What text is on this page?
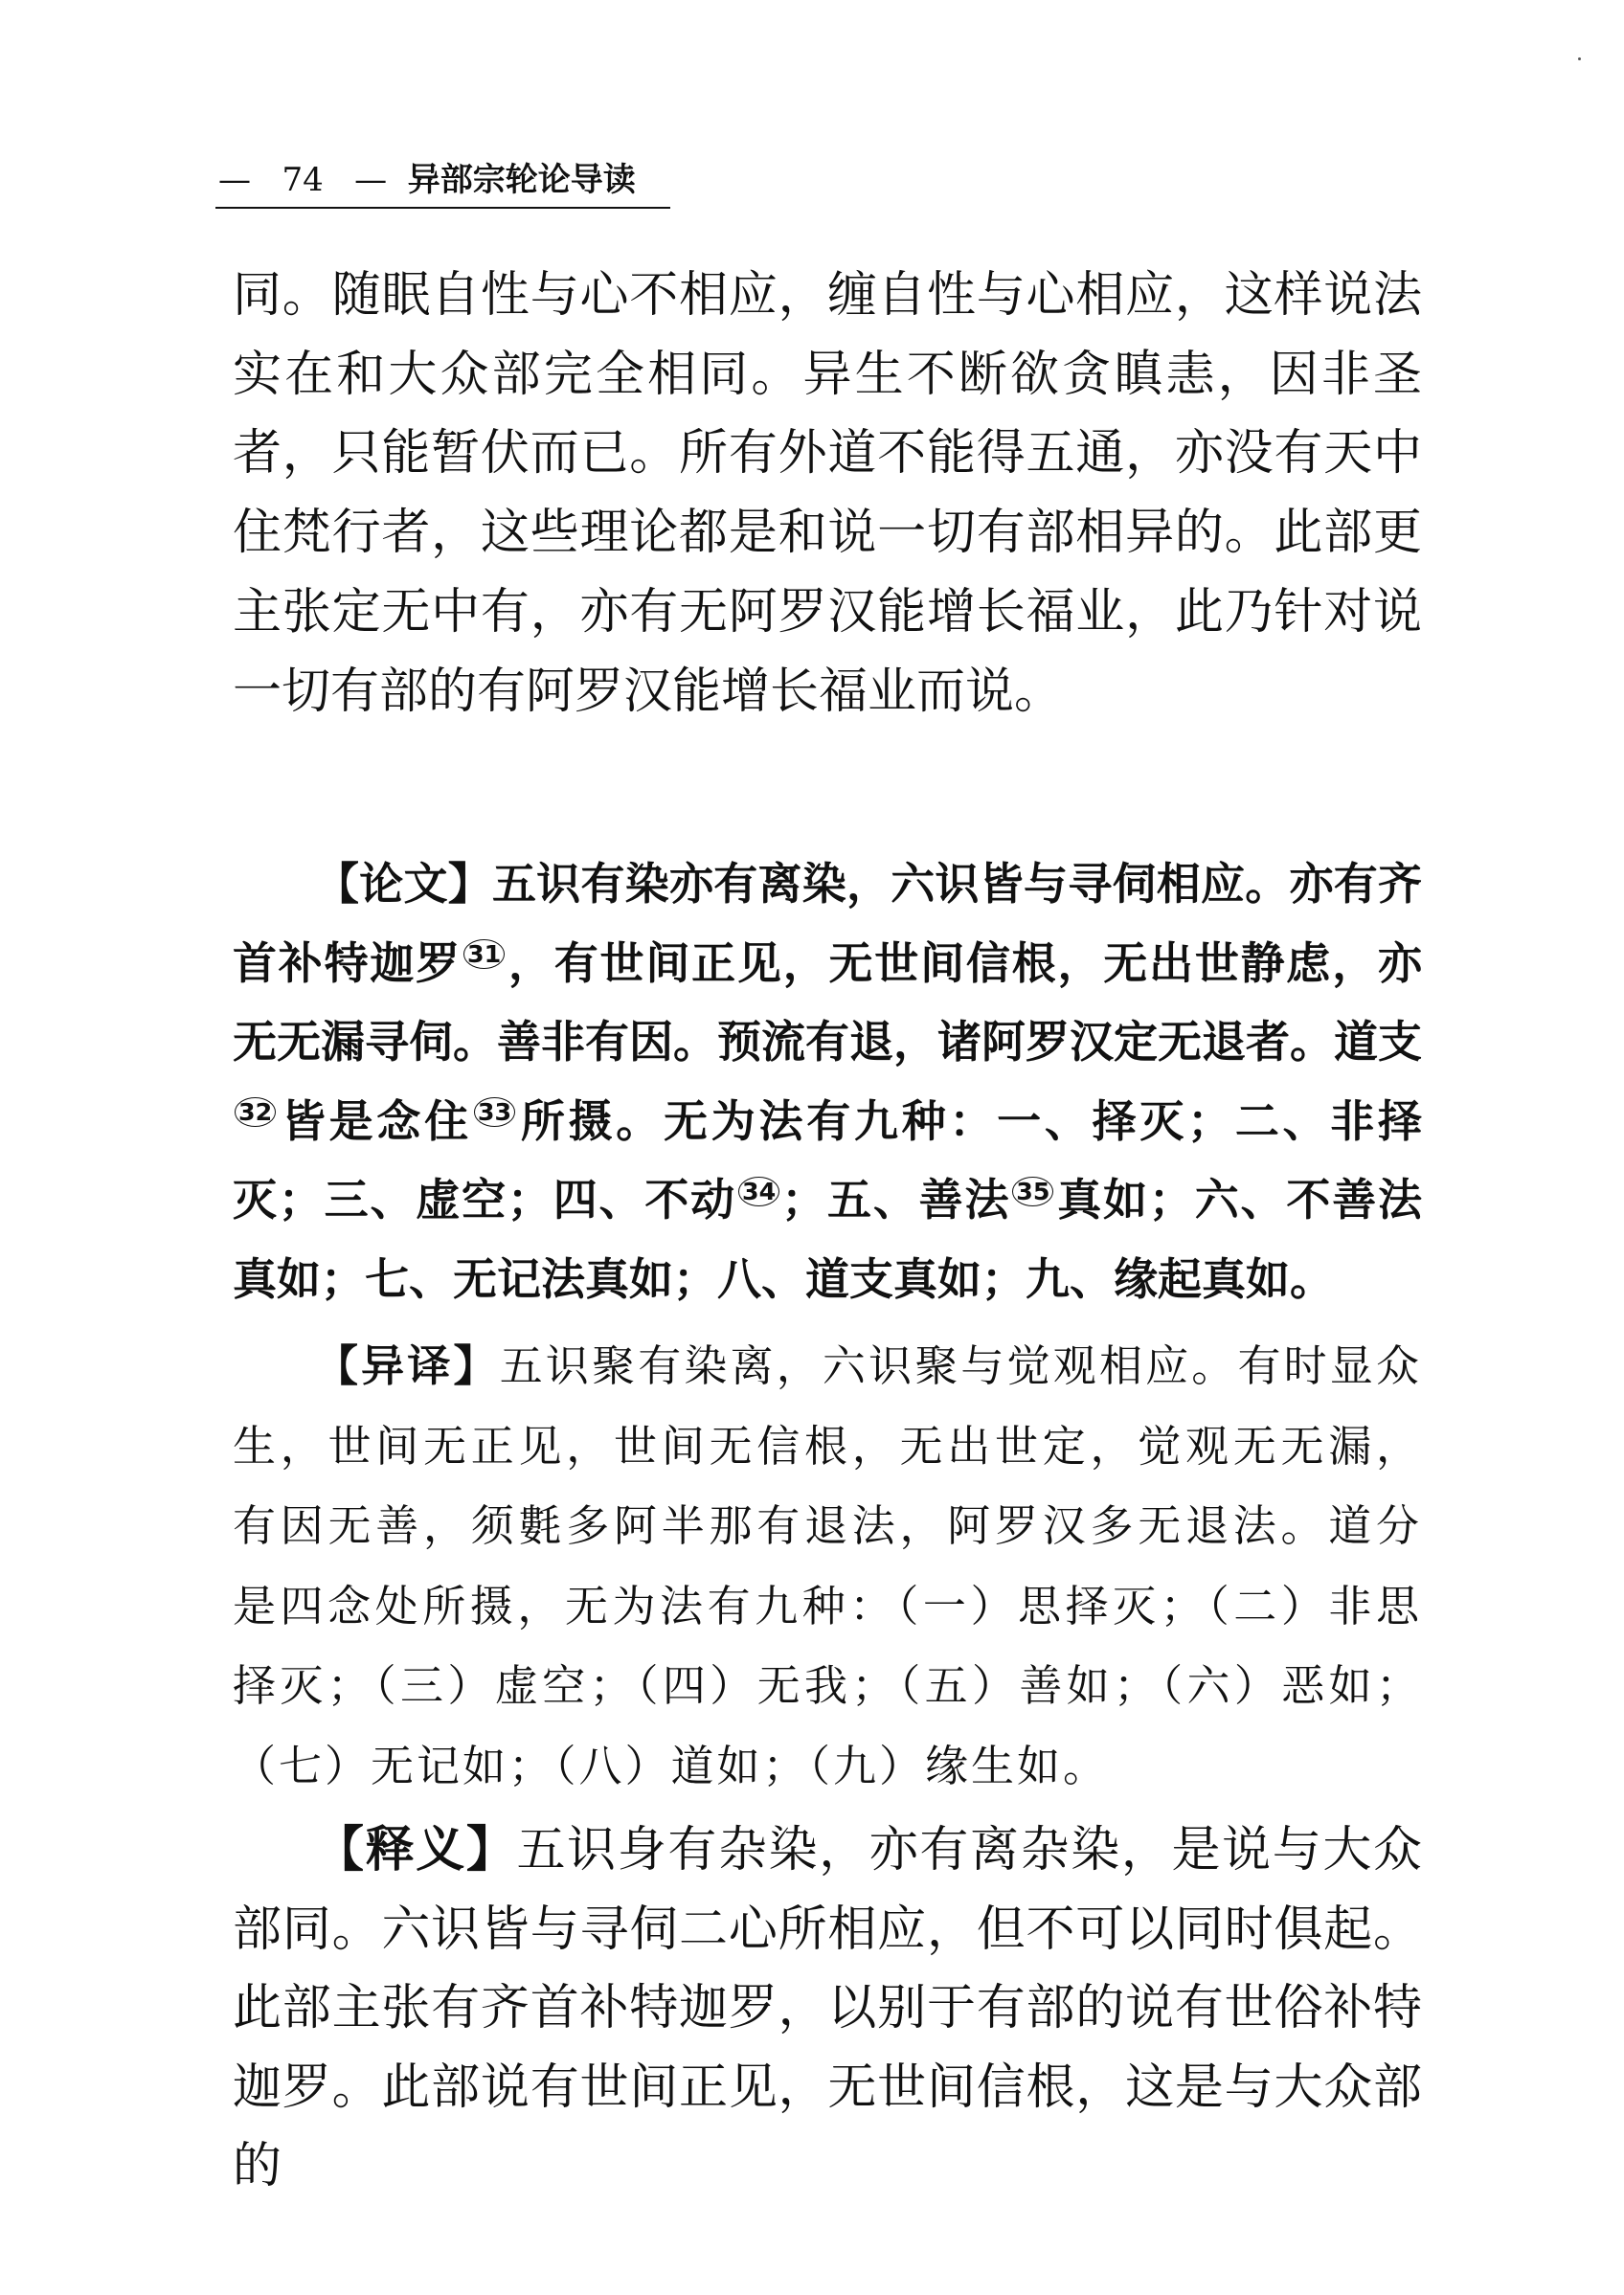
— 74 — 异部宗轮论导读

同。随眠自性与心不相应，缠自性与心相应，这样说法实在和大众部完全相同。异生不断欲贪瞋恚，因非圣者，只能暂伏而已。所有外道不能得五通，亦没有天中住梵行者，这些理论都是和说一切有部相异的。此部更主张定无中有，亦有无阿罗汉能增长福业，此乃针对说一切有部的有阿罗汉能增长福业而说。

【论文】五识有染亦有离染，六识皆与寻伺相应。亦有齐首补特迦罗 $^{31}$ ，有世间正见，无世间信根，无出世静虑，亦无无漏寻伺。善非有因。预流有退，诸阿罗汉定无退者。道支$^{32}$ 皆是念住 $^{33}$ 所摄。无为法有九种：一、择灭；二、非择灭；三、虚空；四、不动 $^{34}$ ；五、善法 $^{35}$ 真如；六、不善法真如；七、无记法真如；八、道支真如；九、缘起真如。

【异译】五识聚有染离，六识聚与觉观相应。有时显众生，世间无正见，世间无信根，无出世定，觉观无无漏，有因无善，须氀多阿半那有退法，阿罗汉多无退法。道分是四念处所摄，无为法有九种：（一）思择灭；（二）非思择灭；（三）虚空；（四）无我；（五）善如；（六）恶如；（七）无记如；（八）道如；（九）缘生如。

【释义】五识身有杂染，亦有离杂染，是说与大众部同。六识皆与寻伺二心所相应，但不可以同时俱起。此部主张有齐首补特迦罗，以别于有部的说有世俗补特迦罗。此部说有世间正见，无世间信根，这是与大众部的
